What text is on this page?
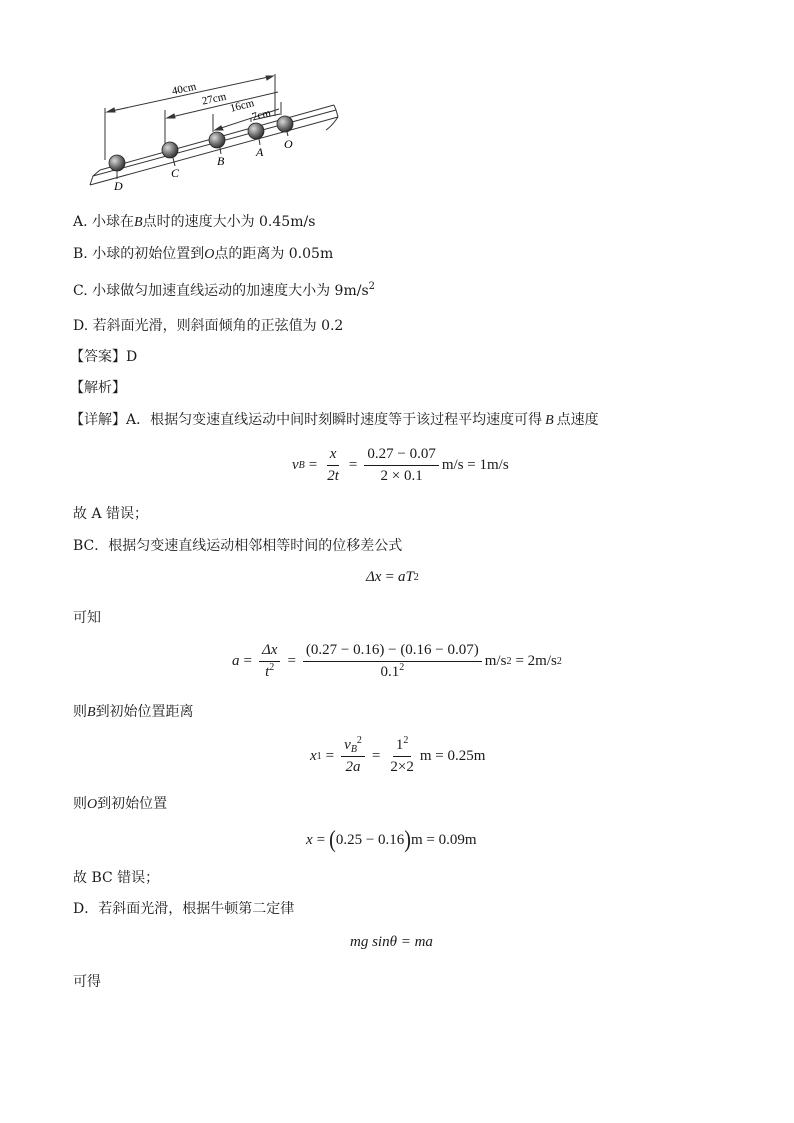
40cm
27cm 16cm
7cm
D
C
B
A
O
A. 小球在B点时的速度大小为 0.45m/s
B. 小球的初始位置到O点的距离为 0.05m
C. 小球做匀加速直线运动的加速度大小为 $9m/s^2$
D. 若斜面光滑，则斜面倾角的正弦值为 0.2
【答案】D
【解析】
【详解】A．根据匀变速直线运动中间时刻瞬时速度等于该过程平均速度可得 B 点速度
v $B = \frac{x}{2t} = \frac{0.27 - 0.07}{2 \times 0.1} m/s = 1m/s$
故 A 错误；
BC．根据匀变速直线运动相邻相等时间的位移差公式
Δx = aT 2
可知
$a = \frac{\Delta x}{t^2} = \frac{(0.27 - 0.16) - (0.16 - 0.07)}{0.1^2} m/s$ 2 = 2m/s 2
则B到初始位置距离
x $1 = \frac{v_B^2}{2a} = \frac{1^2}{2\times 2}$ m = 0.25m
则O到初始位置
x = ( 0.25 − 0.16 ) m = 0.09m
故 BC 错误；
D．若斜面光滑，根据牛顿第二定律
mg sinθ = ma
可得
